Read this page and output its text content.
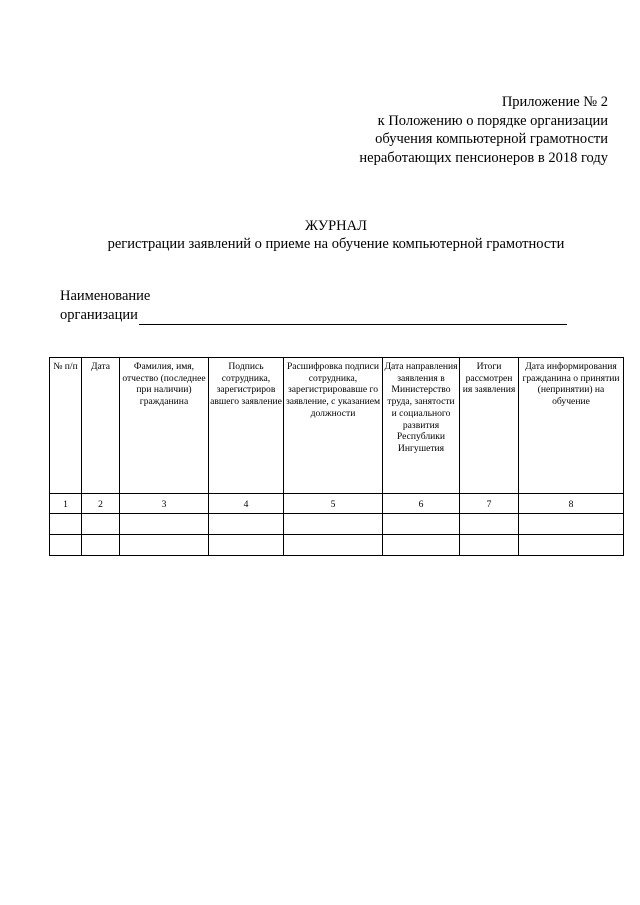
Приложение № 2
к Положению о порядке организации
обучения компьютерной грамотности
неработающих пенсионеров в 2018 году
ЖУРНАЛ
регистрации заявлений о приеме на обучение компьютерной грамотности
Наименование
организации
№ п/п	Дата	Фамилия, имя, отчество (последнее при наличии) гражданина	Подпись сотрудника, зарегистриров авшего заявление	Расшифровка подписи сотрудника, зарегистрировавше го заявление, с указанием должности	Дата направления заявления в Министерство труда, занятости и социального развития Республики Ингушетия	Итоги рассмотрен ия заявления	Дата информирования гражданина о принятии (непринятии) на обучение
1	2	3	4	5	6	7	8
